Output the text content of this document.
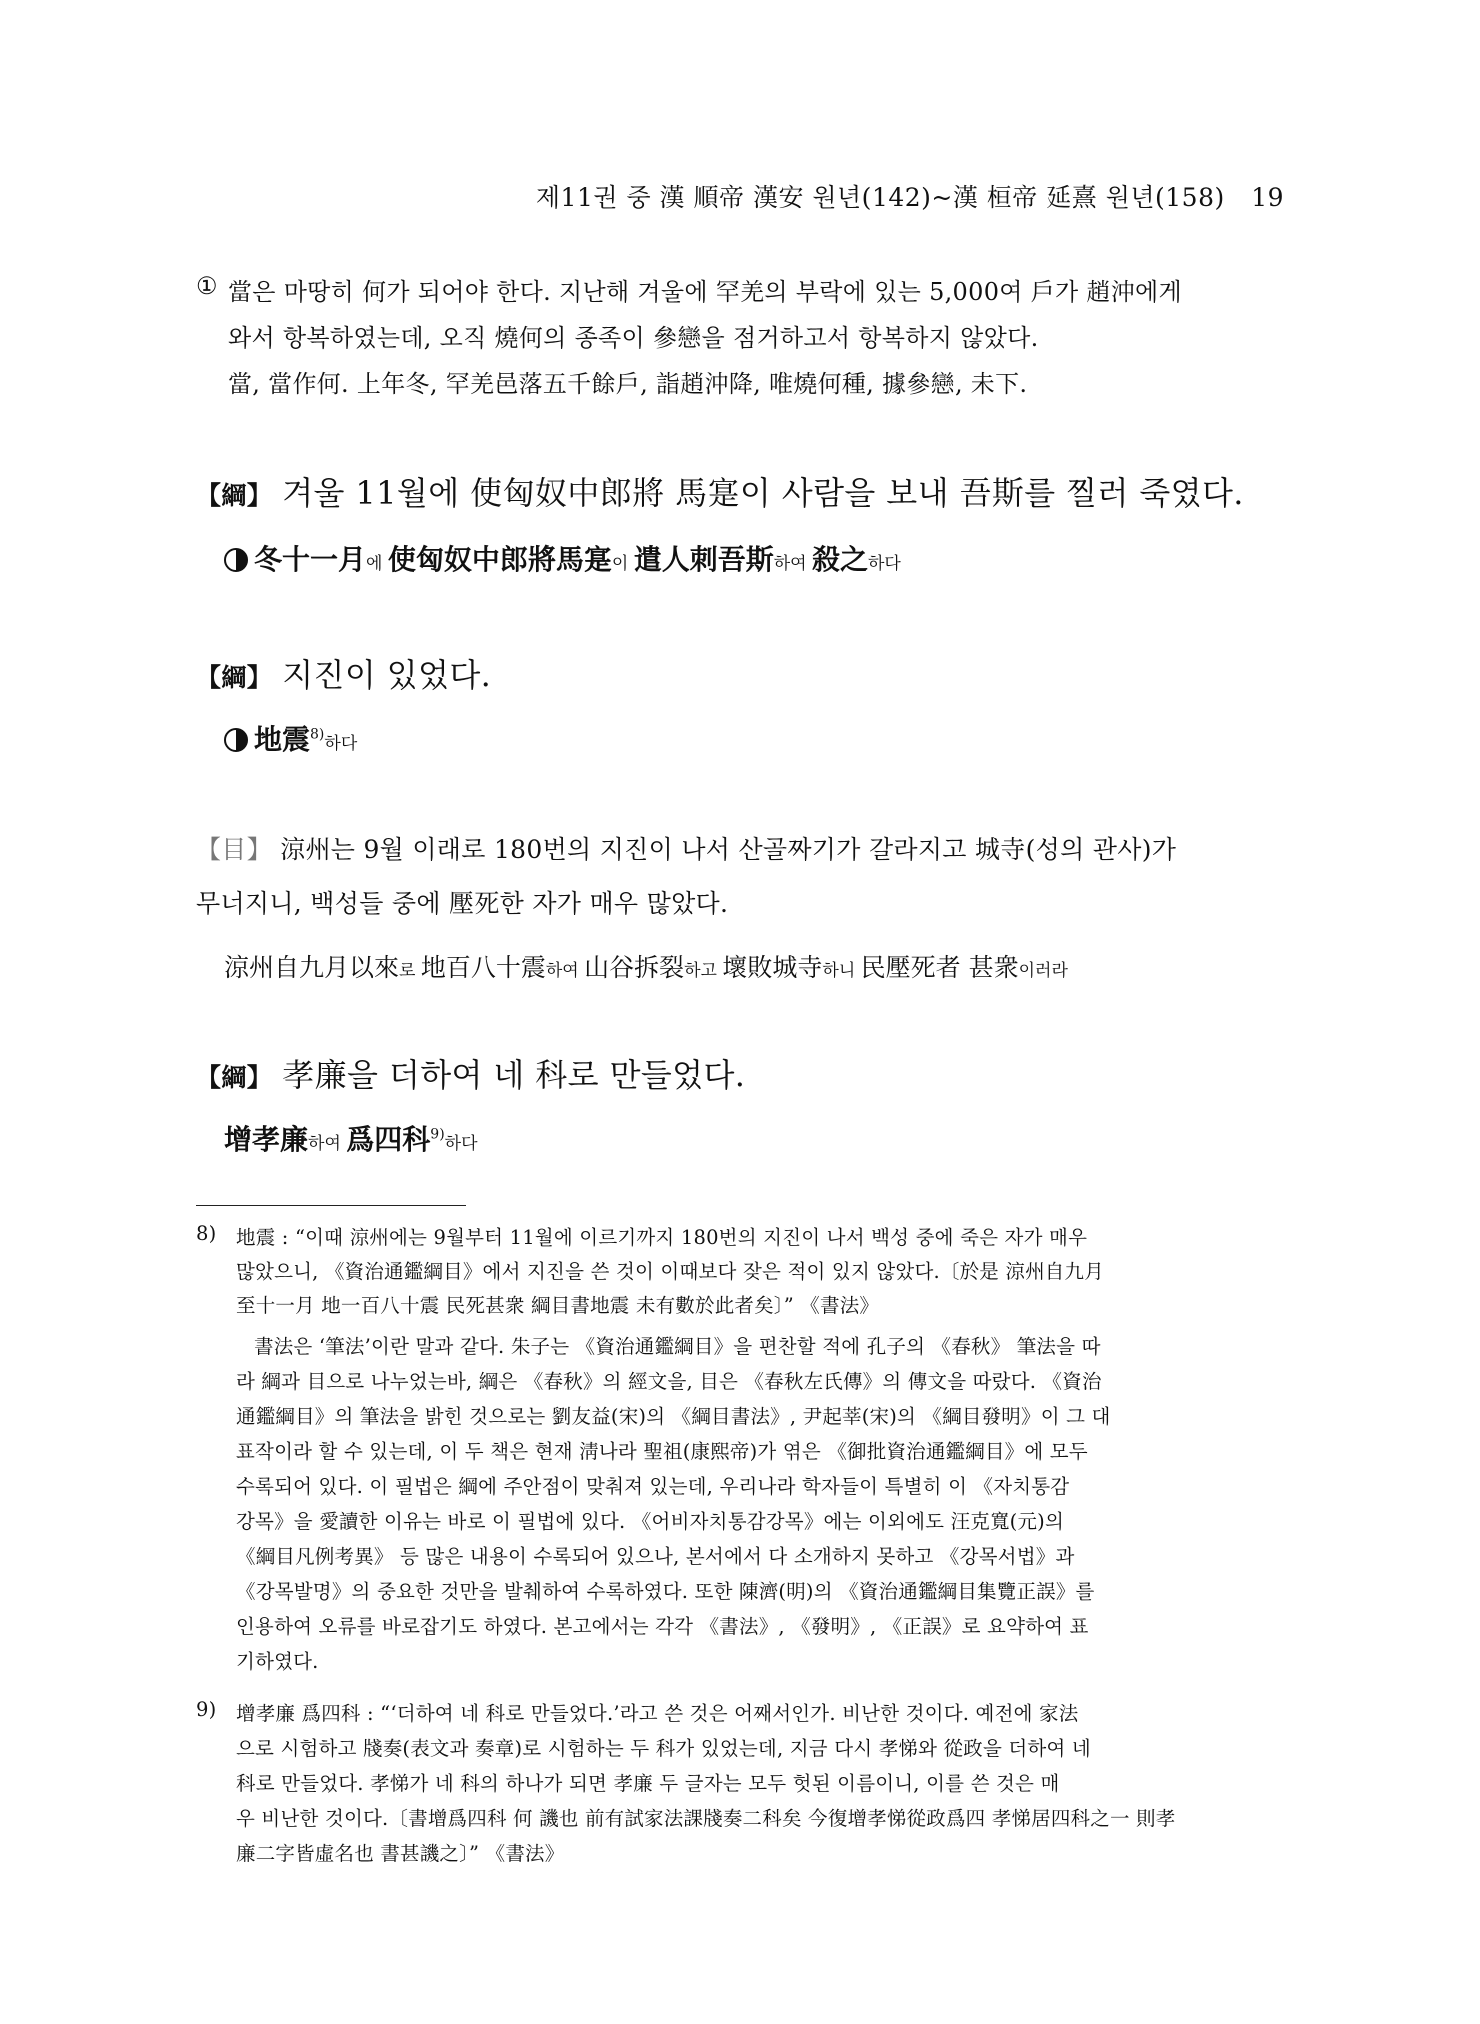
제11권 중 漢 順帝 漢安 원년(142)~漢 桓帝 延熹 원년(158) 19
① 當은 마땅히 何가 되어야 한다. 지난해 겨울에 罕羌의 부락에 있는 5,000여 戶가 趙沖에게
와서 항복하였는데, 오직 燒何의 종족이 參戀을 점거하고서 항복하지 않았다.
當, 當作何. 上年冬, 罕羌邑落五千餘戶, 詣趙沖降, 唯燒何種, 據參戀, 未下.
【綱】 겨울 11월에 使匈奴中郎將 馬寔이 사람을 보내 吾斯를 찔러 죽였다.
冬十一月에 使匈奴中郎將馬寔이 遣人刺吾斯하여 殺之하다
【綱】 지진이 있었다.
地震$^{8)}$하다
【目】 涼州는 9월 이래로 180번의 지진이 나서 산골짜기가 갈라지고 城寺(성의 관사)가
무너지니, 백성들 중에 壓死한 자가 매우 많았다.
涼州自九月以來로 地百八十震하여 山谷拆裂하고 壞敗城寺하니 民壓死者 甚衆이러라
【綱】 孝廉을 더하여 네 科로 만들었다.
增孝廉하여 爲四科$^{9)}$하다
8) 地震 : “이때 涼州에는 9월부터 11월에 이르기까지 180번의 지진이 나서 백성 중에 죽은 자가 매우
많았으니, 《資治通鑑綱目》에서 지진을 쓴 것이 이때보다 잦은 적이 있지 않았다.〔於是 涼州自九月
至十一月 地一百八十震 民死甚衆 綱目書地震 未有數於此者矣〕” 《書法》
書法은 ‘筆法’이란 말과 같다. 朱子는 《資治通鑑綱目》을 편찬할 적에 孔子의 《春秋》 筆法을 따
라 綱과 目으로 나누었는바, 綱은 《春秋》의 經文을, 目은 《春秋左氏傳》의 傳文을 따랐다. 《資治
通鑑綱目》의 筆法을 밝힌 것으로는 劉友益(宋)의 《綱目書法》, 尹起莘(宋)의 《綱目發明》이 그 대
표작이라 할 수 있는데, 이 두 책은 현재 淸나라 聖祖(康熙帝)가 엮은 《御批資治通鑑綱目》에 모두
수록되어 있다. 이 필법은 綱에 주안점이 맞춰져 있는데, 우리나라 학자들이 특별히 이 《자치통감
강목》을 愛讀한 이유는 바로 이 필법에 있다. 《어비자치통감강목》에는 이외에도 汪克寬(元)의
《綱目凡例考異》 등 많은 내용이 수록되어 있으나, 본서에서 다 소개하지 못하고 《강목서법》과
《강목발명》의 중요한 것만을 발췌하여 수록하였다. 또한 陳濟(明)의 《資治通鑑綱目集覽正誤》를
인용하여 오류를 바로잡기도 하였다. 본고에서는 각각 《書法》, 《發明》, 《正誤》로 요약하여 표
기하였다.
9) 增孝廉 爲四科 : “‘더하여 네 科로 만들었다.’라고 쓴 것은 어째서인가. 비난한 것이다. 예전에 家法
으로 시험하고 牋奏(表文과 奏章)로 시험하는 두 科가 있었는데, 지금 다시 孝悌와 從政을 더하여 네
科로 만들었다. 孝悌가 네 科의 하나가 되면 孝廉 두 글자는 모두 헛된 이름이니, 이를 쓴 것은 매
우 비난한 것이다.〔書增爲四科 何 譏也 前有試家法課牋奏二科矣 今復增孝悌從政爲四 孝悌居四科之一 則孝
廉二字皆虛名也 書甚譏之〕” 《書法》
